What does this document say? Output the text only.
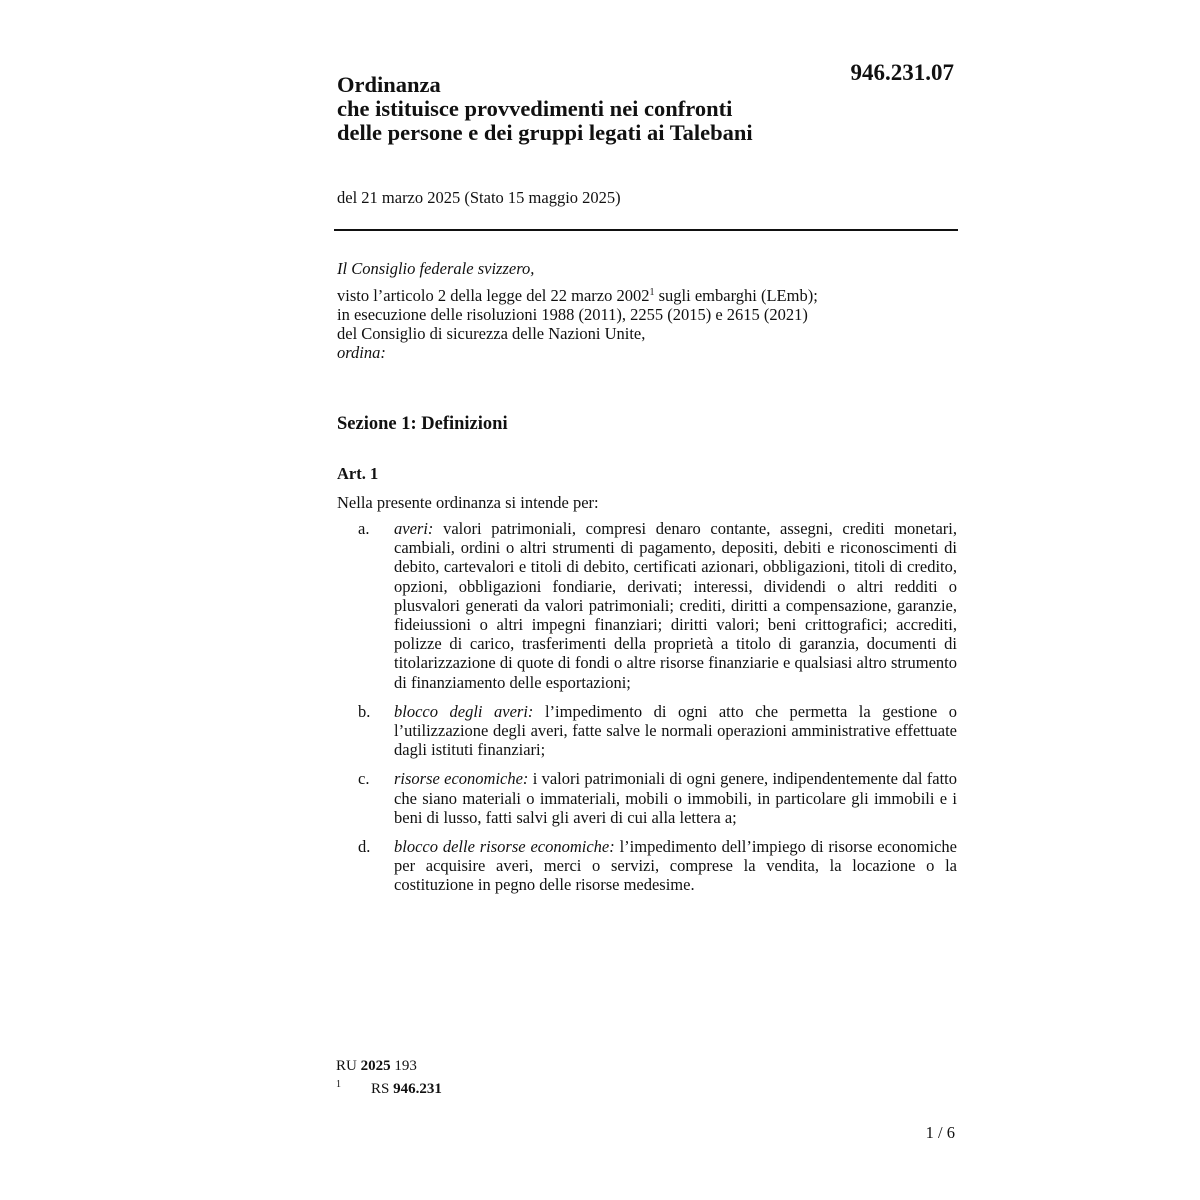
946.231.07
Ordinanza
che istituisce provvedimenti nei confronti
delle persone e dei gruppi legati ai Talebani
del 21 marzo 2025 (Stato 15 maggio 2025)
Il Consiglio federale svizzero,
visto l’articolo 2 della legge del 22 marzo 2002$^1$ sugli embarghi (LEmb);
in esecuzione delle risoluzioni 1988 (2011), 2255 (2015) e 2615 (2021)
del Consiglio di sicurezza delle Nazioni Unite,
ordina:
Sezione 1: Definizioni
Art. 1
Nella presente ordinanza si intende per:
a. averi: valori patrimoniali, compresi denaro contante, assegni, crediti monetari, cambiali, ordini o altri strumenti di pagamento, depositi, debiti e riconoscimenti di debito, cartevalori e titoli di debito, certificati azionari, obbligazioni, titoli di credito, opzioni, obbligazioni fondiarie, derivati; interessi, dividendi o altri redditi o plusvalori generati da valori patrimoniali; crediti, diritti a compensazione, garanzie, fideiussioni o altri impegni finanziari; diritti valori; beni crittografici; accrediti, polizze di carico, trasferimenti della proprietà a titolo di garanzia, documenti di titolarizzazione di quote di fondi o altre risorse finanziarie e qualsiasi altro strumento di finanziamento delle esportazioni;
b. blocco degli averi: l’impedimento di ogni atto che permetta la gestione o l’utilizzazione degli averi, fatte salve le normali operazioni amministrative effettuate dagli istituti finanziari;
c. risorse economiche: i valori patrimoniali di ogni genere, indipendentemente dal fatto che siano materiali o immateriali, mobili o immobili, in particolare gli immobili e i beni di lusso, fatti salvi gli averi di cui alla lettera a;
d. blocco delle risorse economiche: l’impedimento dell’impiego di risorse economiche per acquisire averi, merci o servizi, comprese la vendita, la locazione o la costituzione in pegno delle risorse medesime.
RU 2025 193
1 RS 946.231
1 / 6
